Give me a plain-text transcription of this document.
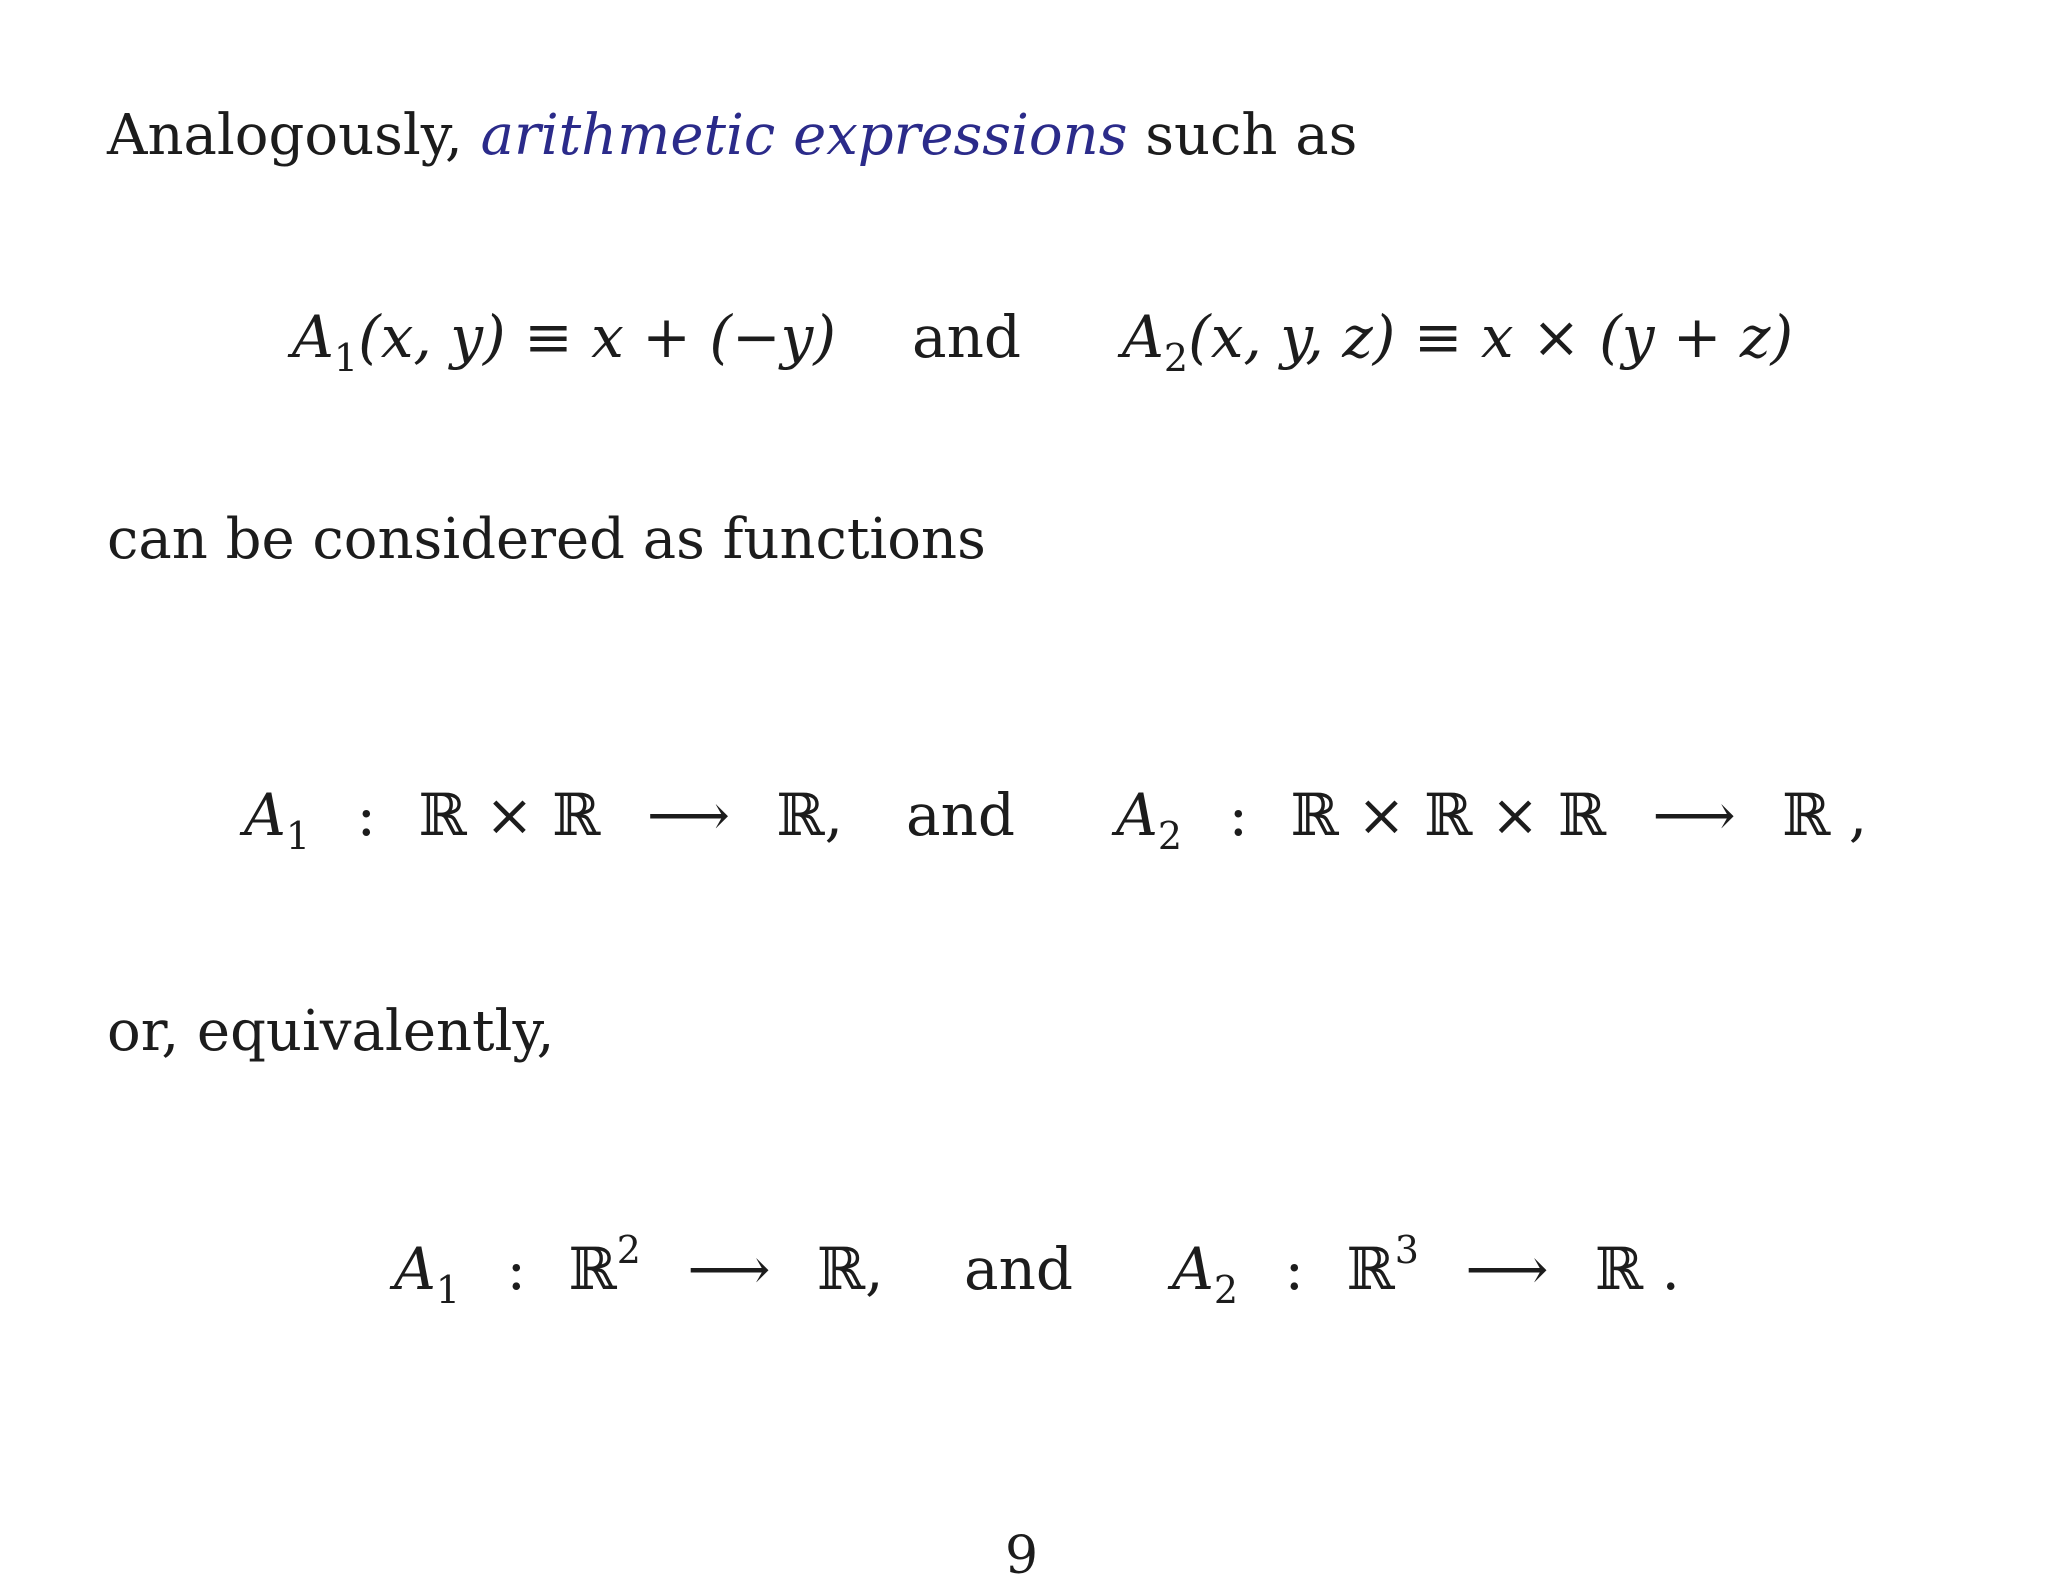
Analogously, arithmetic expressions such as
$A_1(x$, y) ≡ x + (−y) and $A_2(x$, y, z) ≡ x × (y + z)
can be considered as functions
$A_1$ : ℝ × ℝ ⟶ ℝ, and $A_2$ : ℝ × ℝ × ℝ ⟶ ℝ ,
or, equivalently,
$A_1$ : ℝ$^2$ ⟶ ℝ, and $A_2$ : ℝ$^3$ ⟶ ℝ .
9
